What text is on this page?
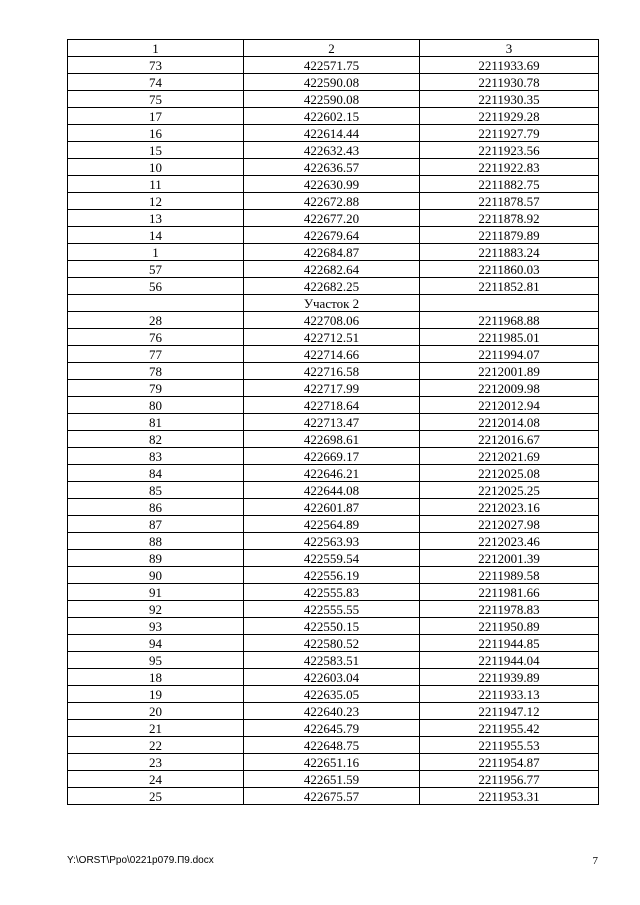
1	2	3
73	422571.75	2211933.69
74	422590.08	2211930.78
75	422590.08	2211930.35
17	422602.15	2211929.28
16	422614.44	2211927.79
15	422632.43	2211923.56
10	422636.57	2211922.83
11	422630.99	2211882.75
12	422672.88	2211878.57
13	422677.20	2211878.92
14	422679.64	2211879.89
1	422684.87	2211883.24
57	422682.64	2211860.03
56	422682.25	2211852.81
	Участок 2	
28	422708.06	2211968.88
76	422712.51	2211985.01
77	422714.66	2211994.07
78	422716.58	2212001.89
79	422717.99	2212009.98
80	422718.64	2212012.94
81	422713.47	2212014.08
82	422698.61	2212016.67
83	422669.17	2212021.69
84	422646.21	2212025.08
85	422644.08	2212025.25
86	422601.87	2212023.16
87	422564.89	2212027.98
88	422563.93	2212023.46
89	422559.54	2212001.39
90	422556.19	2211989.58
91	422555.83	2211981.66
92	422555.55	2211978.83
93	422550.15	2211950.89
94	422580.52	2211944.85
95	422583.51	2211944.04
18	422603.04	2211939.89
19	422635.05	2211933.13
20	422640.23	2211947.12
21	422645.79	2211955.42
22	422648.75	2211955.53
23	422651.16	2211954.87
24	422651.59	2211956.77
25	422675.57	2211953.31
Y:\ORST\Ppo\0221p079.П9.docx	7
